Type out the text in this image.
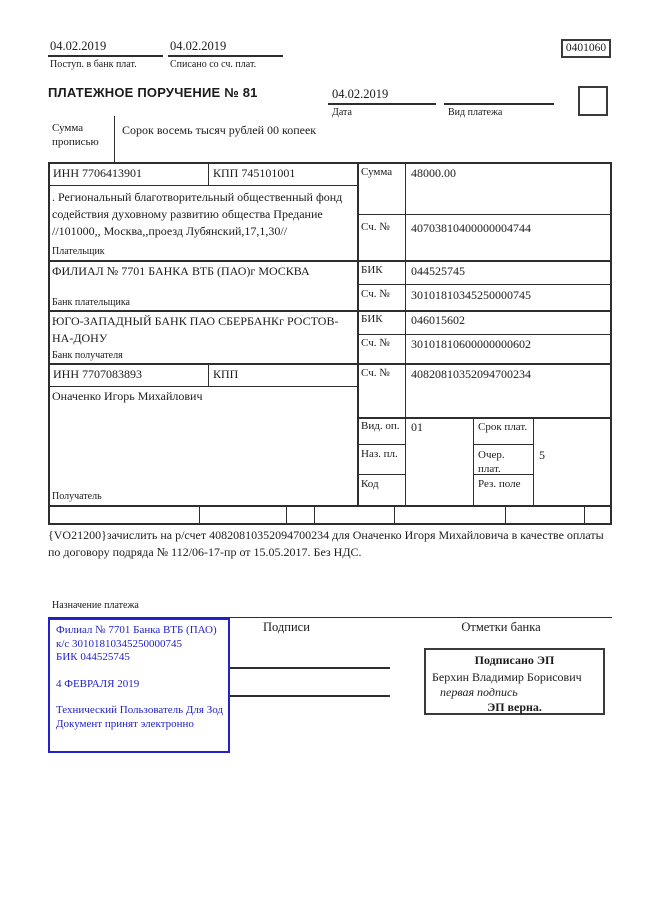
04.02.2019
Поступ. в банк плат.
04.02.2019
Списано со сч. плат.
0401060
ПЛАТЕЖНОЕ ПОРУЧЕНИЕ № 81	04.02.2019
Дата	Вид платежа
Сумма прописью
Сорок восемь тысяч рублей 00 копеек
ИНН 7706413901	КПП 745101001	Сумма 48000.00
. Региональный благотворительный общественный фонд содействия духовному развитию общества Предание //101000,, Москва,,проезд Лубянский,17,1,30//
Плательщик
Сч. № 40703810400000004744
ФИЛИАЛ № 7701 БАНКА ВТБ (ПАО)г МОСКВА	БИК 044525745
Сч. № 30101810345250000745
Банк плательщика
ЮГО-ЗАПАДНЫЙ БАНК ПАО СБЕРБАНКг РОСТОВ-НА-ДОНУ
БИК 046015602
Сч. № 30101810600000000602
Банк получателя
ИНН 7707083893	КПП	Сч. № 40820810352094700234
Оначенко Игорь Михайлович
Получатель
Вид. оп. 01	Срок плат.
Наз. пл.	Очер. плат.
5
Код	Рез. поле
{VO21200}зачислить на р/счет 40820810352094700234 для Оначенко Игоря Михайловича в качестве оплаты по договору подряда № 112/06-17-пр от 15.05.2017. Без НДС.
Назначение платежа
Подписи	Отметки банка
Филиал № 7701 Банка ВТБ (ПАО)
к/с 30101810345250000745
БИК 044525745
4 ФЕВРАЛЯ 2019
Технический Пользователь Для Зод
Документ принят электронно
Подписано ЭП
Берхин Владимир Борисович
первая подпись
ЭП верна.
